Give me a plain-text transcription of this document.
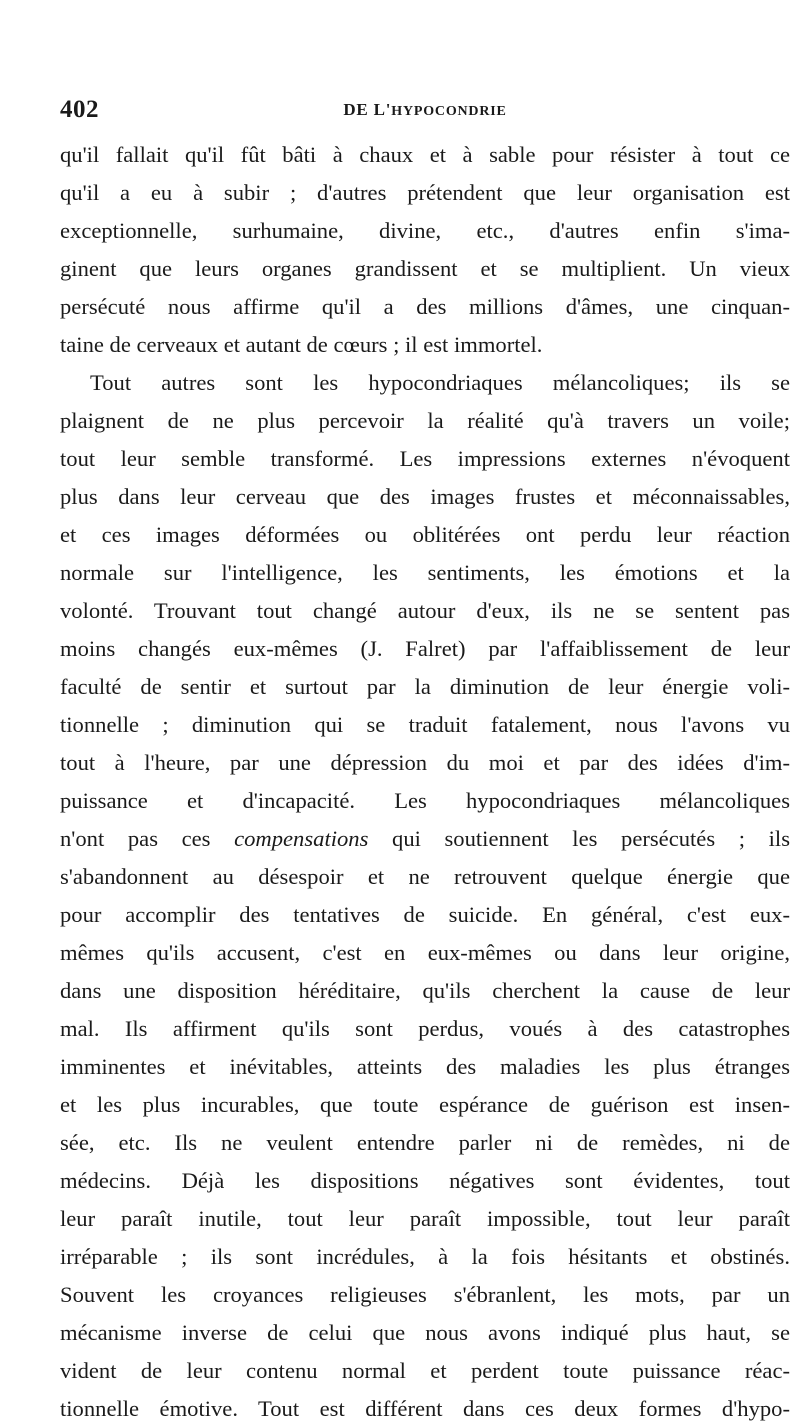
402	DE L'HYPOCONDRIE
qu'il fallait qu'il fût bâti à chaux et à sable pour résister à tout ce
qu'il a eu à subir ; d'autres prétendent que leur organisation est
exceptionnelle, surhumaine, divine, etc., d'autres enfin s'ima-
ginent que leurs organes grandissent et se multiplient. Un vieux
persécuté nous affirme qu'il a des millions d'âmes, une cinquan-
taine de cerveaux et autant de cœurs ; il est immortel.
Tout autres sont les hypocondriaques mélancoliques; ils se
plaignent de ne plus percevoir la réalité qu'à travers un voile;
tout leur semble transformé. Les impressions externes n'évoquent
plus dans leur cerveau que des images frustes et méconnaissables,
et ces images déformées ou oblitérées ont perdu leur réaction
normale sur l'intelligence, les sentiments, les émotions et la
volonté. Trouvant tout changé autour d'eux, ils ne se sentent pas
moins changés eux-mêmes (J. Falret) par l'affaiblissement de leur
faculté de sentir et surtout par la diminution de leur énergie voli-
tionnelle ; diminution qui se traduit fatalement, nous l'avons vu
tout à l'heure, par une dépression du moi et par des idées d'im-
puissance et d'incapacité. Les hypocondriaques mélancoliques
n'ont pas ces compensations qui soutiennent les persécutés ; ils
s'abandonnent au désespoir et ne retrouvent quelque énergie que
pour accomplir des tentatives de suicide. En général, c'est eux-
mêmes qu'ils accusent, c'est en eux-mêmes ou dans leur origine,
dans une disposition héréditaire, qu'ils cherchent la cause de leur
mal. Ils affirment qu'ils sont perdus, voués à des catastrophes
imminentes et inévitables, atteints des maladies les plus étranges
et les plus incurables, que toute espérance de guérison est insen-
sée, etc. Ils ne veulent entendre parler ni de remèdes, ni de
médecins. Déjà les dispositions négatives sont évidentes, tout
leur paraît inutile, tout leur paraît impossible, tout leur paraît
irréparable ; ils sont incrédules, à la fois hésitants et obstinés.
Souvent les croyances religieuses s'ébranlent, les mots, par un
mécanisme inverse de celui que nous avons indiqué plus haut, se
vident de leur contenu normal et perdent toute puissance réac-
tionnelle émotive. Tout est différent dans ces deux formes d'hypo-
